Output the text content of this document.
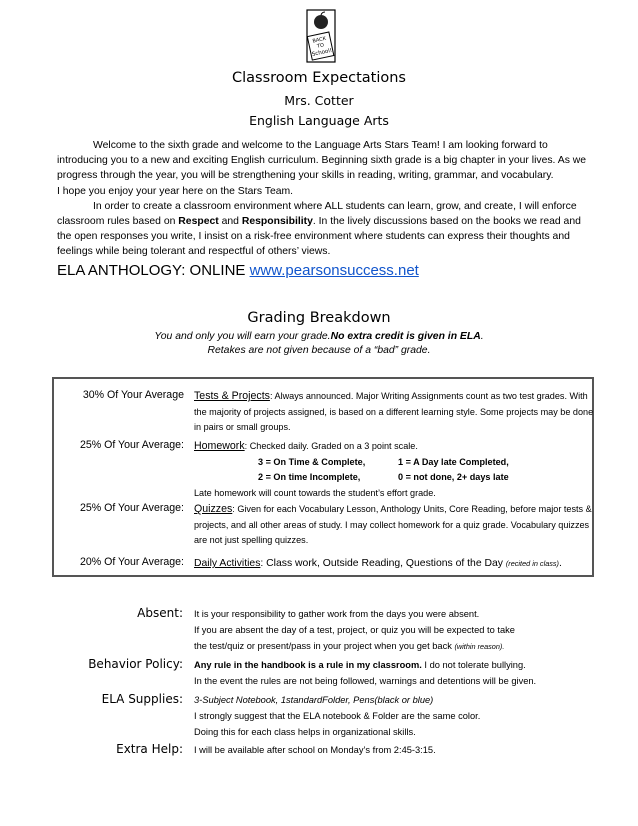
BACK
TO
School!
Classroom Expectations
Mrs. Cotter
English Language Arts

Welcome to the sixth grade and welcome to the Language Arts Stars Team! I am looking forward to introducing you to a new and exciting English curriculum. Beginning sixth grade is a big chapter in your lives. As we progress through the year, you will be strengthening your skills in reading, writing, grammar, and vocabulary.

I hope you enjoy your year here on the Stars Team.

In order to create a classroom environment where ALL students can learn, grow, and create, I will enforce classroom rules based on Respect and Responsibility. In the lively discussions based on the books we read and the open responses you write, I insist on a risk-free environment where students can express their thoughts and feelings while being tolerant and respectful of others’ views.

ELA ANTHOLOGY: ONLINE www.pearsonsuccess.net
Grading Breakdown
You and only you will earn your grade.No extra credit is given in ELA.
Retakes are not given because of a “bad” grade.
30% Of Your Average Tests & Projects: Always announced. Major Writing Assignments count as two test grades. With the majority of projects assigned, is based on a different learning style. Some projects may be done in pairs or small groups.
25% Of Your Average: Homework: Checked daily. Graded on a 3 point scale.
3 = On Time & Complete,	1 = A Day late Completed,
2 = On time Incomplete,	0 = not done, 2+ days late
Late homework will count towards the student’s effort grade.
25% Of Your Average: Quizzes: Given for each Vocabulary Lesson, Anthology Units, Core Reading, before major tests & projects, and all other areas of study. I may collect homework for a quiz grade. Vocabulary quizzes are not just spelling quizzes.
20% Of Your Average: Daily Activities: Class work, Outside Reading, Questions of the Day (recited in class).
Absent: It is your responsibility to gather work from the days you were absent.
If you are absent the day of a test, project, or quiz you will be expected to take
the test/quiz or present/pass in your project when you get back (within reason).
Behavior Policy: Any rule in the handbook is a rule in my classroom. I do not tolerate bullying.
In the event the rules are not being followed, warnings and detentions will be given.
ELA Supplies: 3-Subject Notebook, 1standardFolder, Pens(black or blue)
I strongly suggest that the ELA notebook & Folder are the same color.
Doing this for each class helps in organizational skills.
Extra Help: I will be available after school on Monday’s from 2:45-3:15.
